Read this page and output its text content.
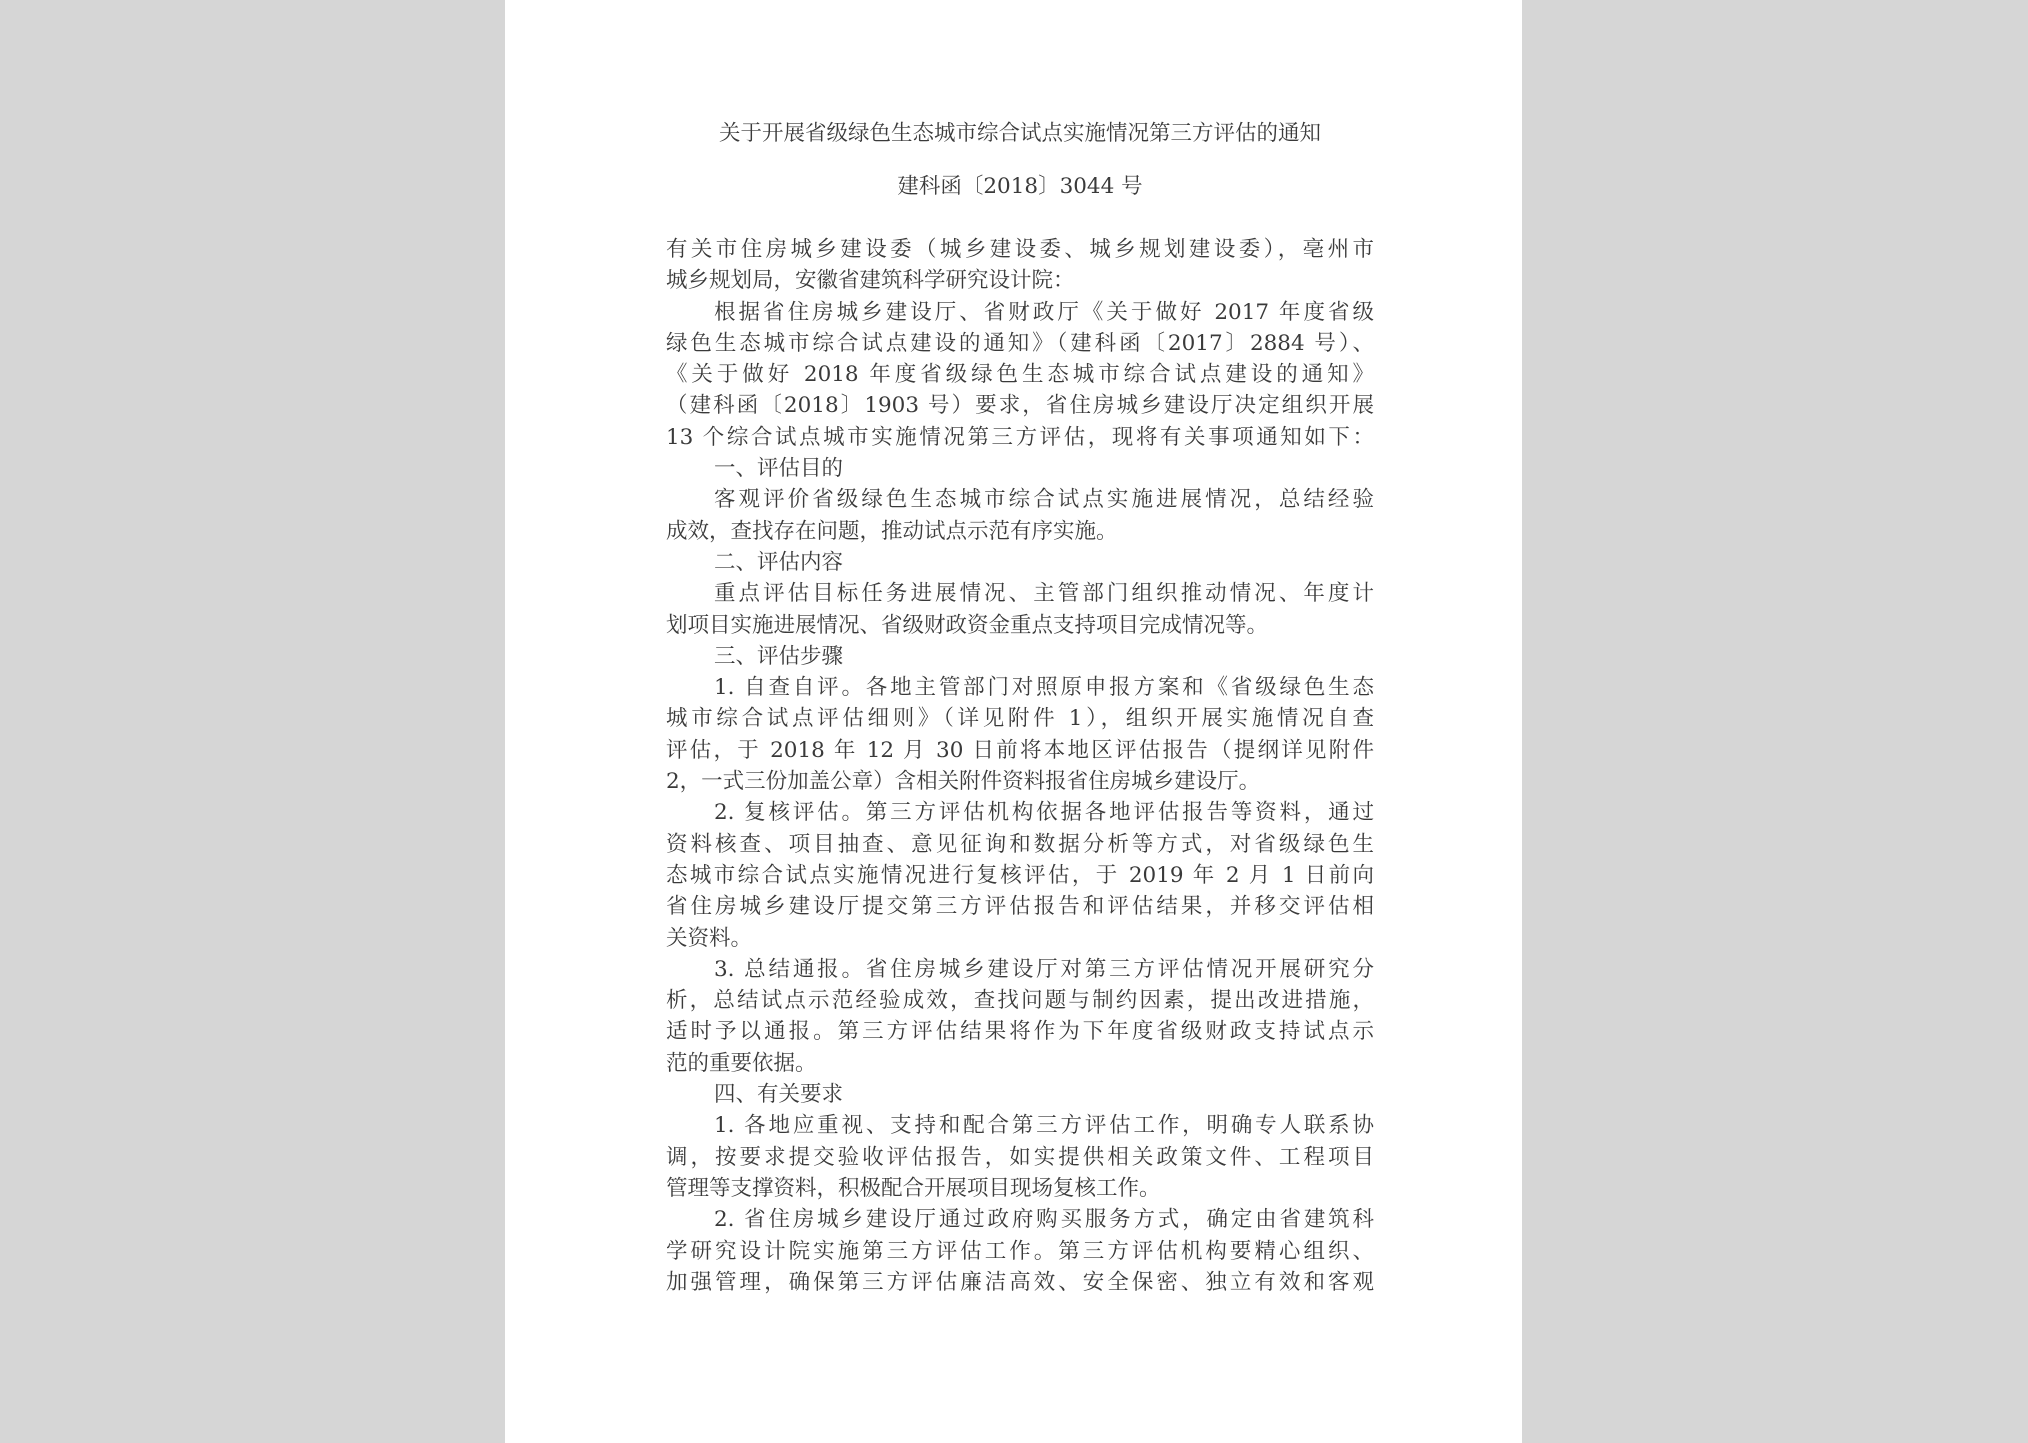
关于开展省级绿色生态城市综合试点实施情况第三方评估的通知
建科函〔2018〕3044 号
有关市住房城乡建设委（城乡建设委、城乡规划建设委），亳州市
城乡规划局，安徽省建筑科学研究设计院：
根据省住房城乡建设厅、省财政厅《关于做好 2017 年度省级
绿色生态城市综合试点建设的通知》（建科函〔2017〕2884 号）、
《关于做好 2018 年度省级绿色生态城市综合试点建设的通知》
（建科函〔2018〕1903 号）要求，省住房城乡建设厅决定组织开展
13 个综合试点城市实施情况第三方评估，现将有关事项通知如下：
一、评估目的
客观评价省级绿色生态城市综合试点实施进展情况，总结经验
成效，查找存在问题，推动试点示范有序实施。
二、评估内容
重点评估目标任务进展情况、主管部门组织推动情况、年度计
划项目实施进展情况、省级财政资金重点支持项目完成情况等。
三、评估步骤
1. 自查自评。各地主管部门对照原申报方案和《省级绿色生态
城市综合试点评估细则》（详见附件 1），组织开展实施情况自查
评估，于 2018 年 12 月 30 日前将本地区评估报告（提纲详见附件
2，一式三份加盖公章）含相关附件资料报省住房城乡建设厅。
2. 复核评估。第三方评估机构依据各地评估报告等资料，通过
资料核查、项目抽查、意见征询和数据分析等方式，对省级绿色生
态城市综合试点实施情况进行复核评估，于 2019 年 2 月 1 日前向
省住房城乡建设厅提交第三方评估报告和评估结果，并移交评估相
关资料。
3. 总结通报。省住房城乡建设厅对第三方评估情况开展研究分
析，总结试点示范经验成效，查找问题与制约因素，提出改进措施，
适时予以通报。第三方评估结果将作为下年度省级财政支持试点示
范的重要依据。
四、有关要求
1. 各地应重视、支持和配合第三方评估工作，明确专人联系协
调，按要求提交验收评估报告，如实提供相关政策文件、工程项目
管理等支撑资料，积极配合开展项目现场复核工作。
2. 省住房城乡建设厅通过政府购买服务方式，确定由省建筑科
学研究设计院实施第三方评估工作。第三方评估机构要精心组织、
加强管理，确保第三方评估廉洁高效、安全保密、独立有效和客观
